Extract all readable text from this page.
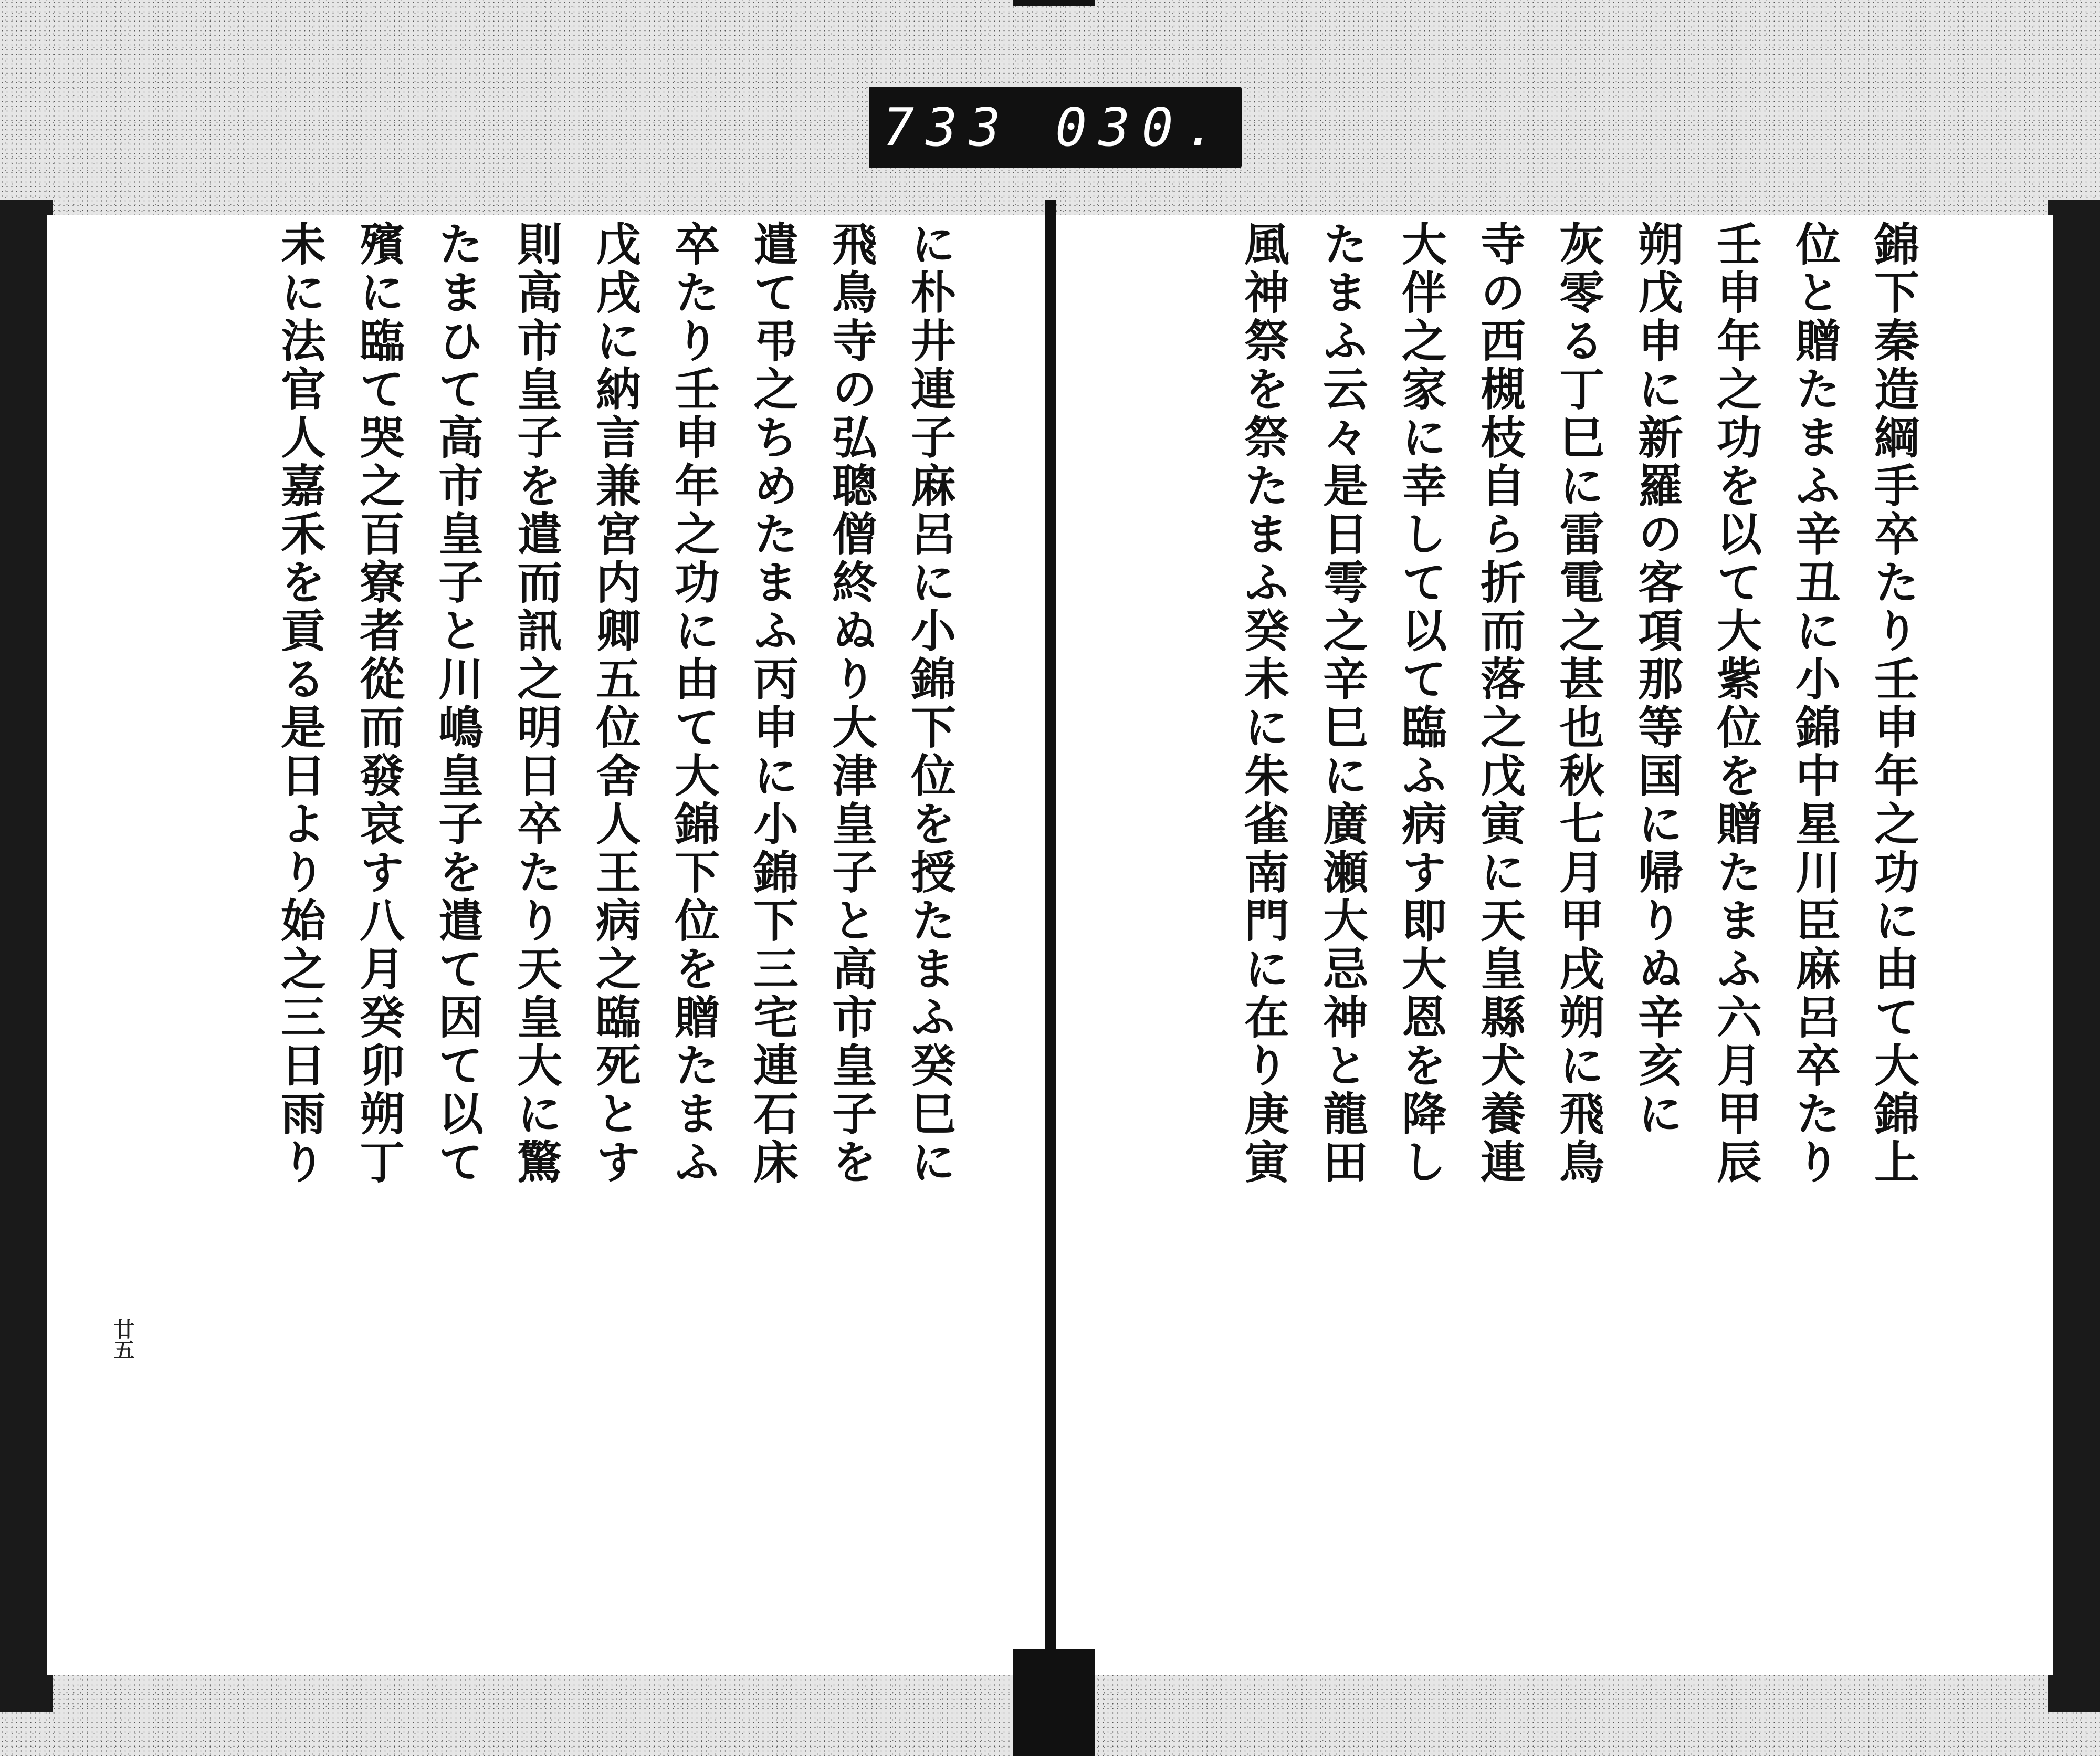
733 030.
廿五
錦下秦造綱手卒たり壬申年之功に由て大錦上
位と贈たまふ辛丑に小錦中星川臣麻呂卒たり
壬申年之功を以て大紫位を贈たまふ六月甲辰
朔戊申に新羅の客項那等国に帰りぬ辛亥に
灰零る丁巳に雷電之甚也秋七月甲戌朔に飛鳥
寺の西槻枝自ら折而落之戊寅に天皇縣犬養連
大伴之家に幸して以て臨ふ病す即大恩を降し
たまふ云々是日雩之辛巳に廣瀬大忌神と龍田
風神祭を祭たまふ癸未に朱雀南門に在り庚寅
に朴井連子麻呂に小錦下位を授たまふ癸巳に
飛鳥寺の弘聰僧終ぬり大津皇子と高市皇子を
遣て弔之ちめたまふ丙申に小錦下三宅連石床
卒たり壬申年之功に由て大錦下位を贈たまふ
戊戌に納言兼宮内卿五位舍人王病之臨死とす
則高市皇子を遣而訊之明日卒たり天皇大に驚
たまひて高市皇子と川嶋皇子を遣て因て以て
殯に臨て哭之百寮者從而發哀す八月癸卯朔丁
未に法官人嘉禾を貢る是日より始之三日雨り
